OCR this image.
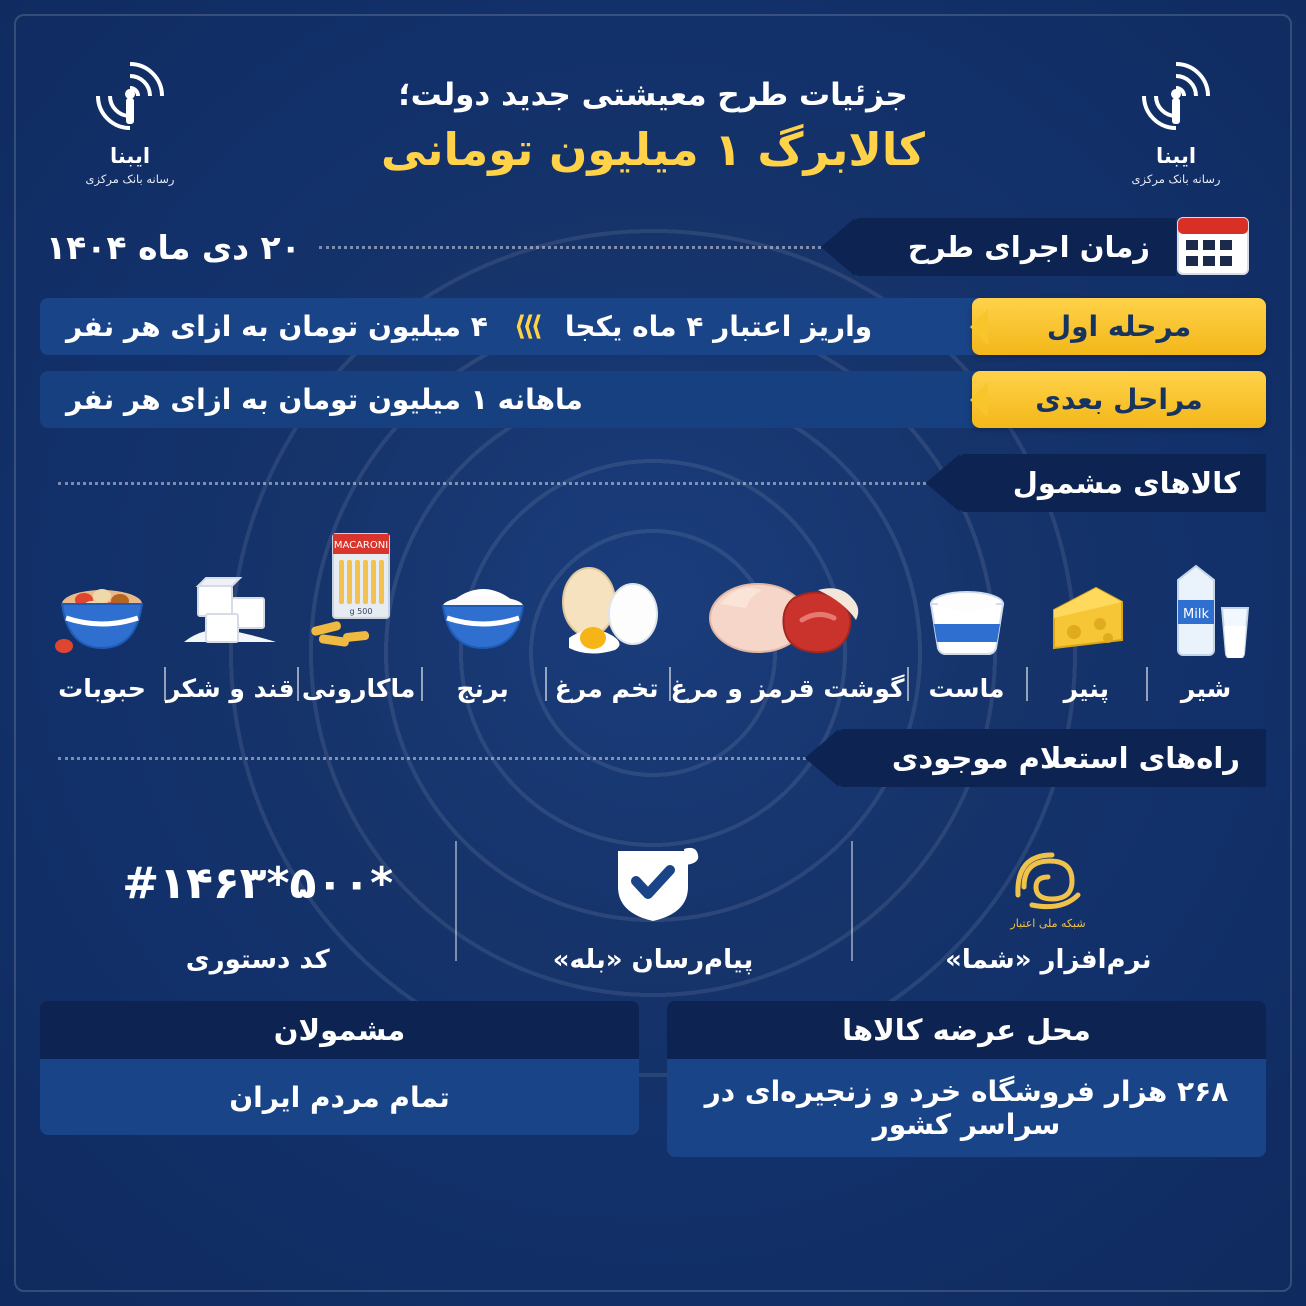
ایبنا
رسانه بانک مرکزی
جزئیات طرح معیشتی جدید دولت؛
کالابرگ ۱ میلیون تومانی
ایبنا
رسانه بانک مرکزی
زمان اجرای طرح
۲۰ دی ماه ۱۴۰۴
مرحله اول
واریز اعتبار ۴ ماه یکجا
⟨⟨⟨
۴ میلیون تومان به ازای هر نفر
مراحل بعدی
ماهانه ۱ میلیون تومان به ازای هر نفر
کالاهای مشمول
Milk
شیر
پنیر
ماست
گوشت قرمز و مرغ
تخم مرغ
برنج
MACARONI
500 g
ماکارونی
قند و شکر
حبوبات
راه‌های استعلام موجودی
شبکه ملی اعتبار
نرم‌افزار «شما»
پیام‌رسان «بله»
#۱۴۶۳*۵۰۰*
کد دستوری
محل عرضه کالاها
۲۶۸ هزار فروشگاه خرد و زنجیره‌ای در سراسر کشور
مشمولان
تمام مردم ایران
